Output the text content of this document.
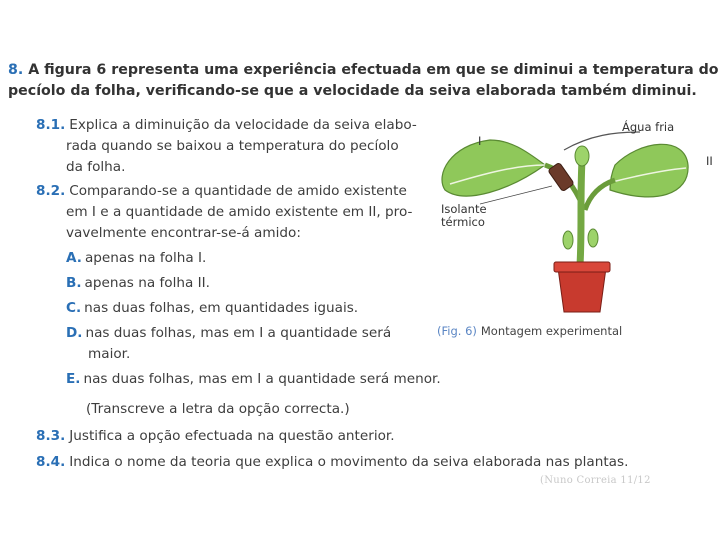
8. A figura 6 representa uma experiência efectuada em que se diminui a temperatura do pecíolo da folha, verificando-se que a velocidade da seiva elaborada também diminui.
8.1. Explica a diminuição da velocidade da seiva elabo-
rada quando se baixou a temperatura do pecíolo
da folha.
8.2. Comparando-se a quantidade de amido existente
em I e a quantidade de amido existente em II, pro-
vavelmente encontrar-se-á amido:
A. apenas na folha I.
B. apenas na folha II.
C. nas duas folhas, em quantidades iguais.
D. nas duas folhas, mas em I a quantidade será
maior.
E. nas duas folhas, mas em I a quantidade será menor.
(Transcreve a letra da opção correcta.)
8.3. Justifica a opção efectuada na questão anterior.
8.4. Indica o nome da teoria que explica o movimento da seiva elaborada nas plantas.
(Nuno Correia 11/12
Água fria
I
II
Isolante
térmico
(Fig. 6) Montagem experimental
